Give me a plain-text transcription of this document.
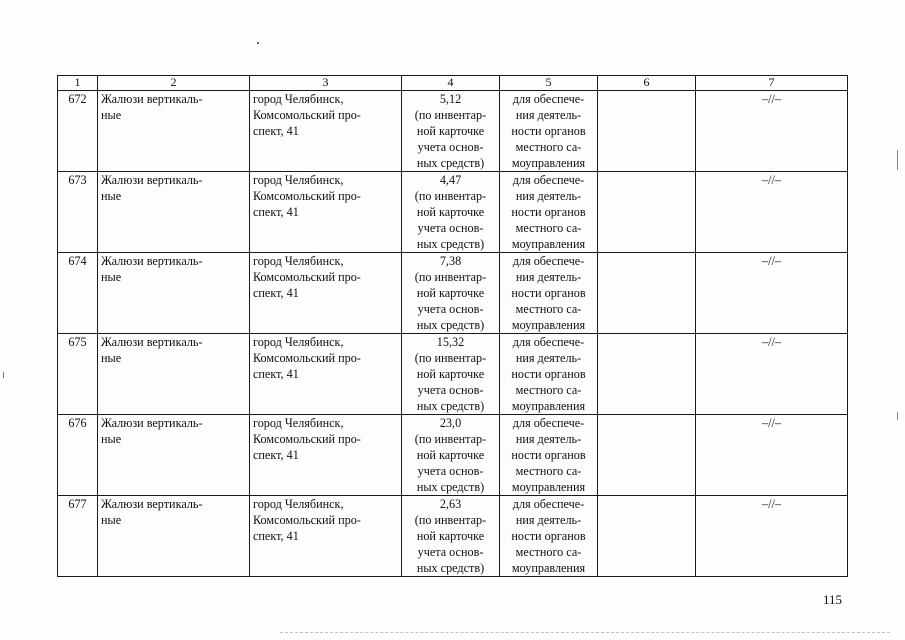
1	2	3	4	5	6	7
672	Жалюзи вертикаль-
ные	город Челябинск,
Комсомольский про-
спект, 41	5,12
(по инвентар-
ной карточке
учета основ-
ных средств)	для обеспече-
ния деятель-
ности органов
местного са-
моуправления		–//–
673	Жалюзи вертикаль-
ные	город Челябинск,
Комсомольский про-
спект, 41	4,47
(по инвентар-
ной карточке
учета основ-
ных средств)	для обеспече-
ния деятель-
ности органов
местного са-
моуправления		–//–
674	Жалюзи вертикаль-
ные	город Челябинск,
Комсомольский про-
спект, 41	7,38
(по инвентар-
ной карточке
учета основ-
ных средств)	для обеспече-
ния деятель-
ности органов
местного са-
моуправления		–//–
675	Жалюзи вертикаль-
ные	город Челябинск,
Комсомольский про-
спект, 41	15,32
(по инвентар-
ной карточке
учета основ-
ных средств)	для обеспече-
ния деятель-
ности органов
местного са-
моуправления		–//–
676	Жалюзи вертикаль-
ные	город Челябинск,
Комсомольский про-
спект, 41	23,0
(по инвентар-
ной карточке
учета основ-
ных средств)	для обеспече-
ния деятель-
ности органов
местного са-
моуправления		–//–
677	Жалюзи вертикаль-
ные	город Челябинск,
Комсомольский про-
спект, 41	2,63
(по инвентар-
ной карточке
учета основ-
ных средств)	для обеспече-
ния деятель-
ности органов
местного са-
моуправления		–//–
115
